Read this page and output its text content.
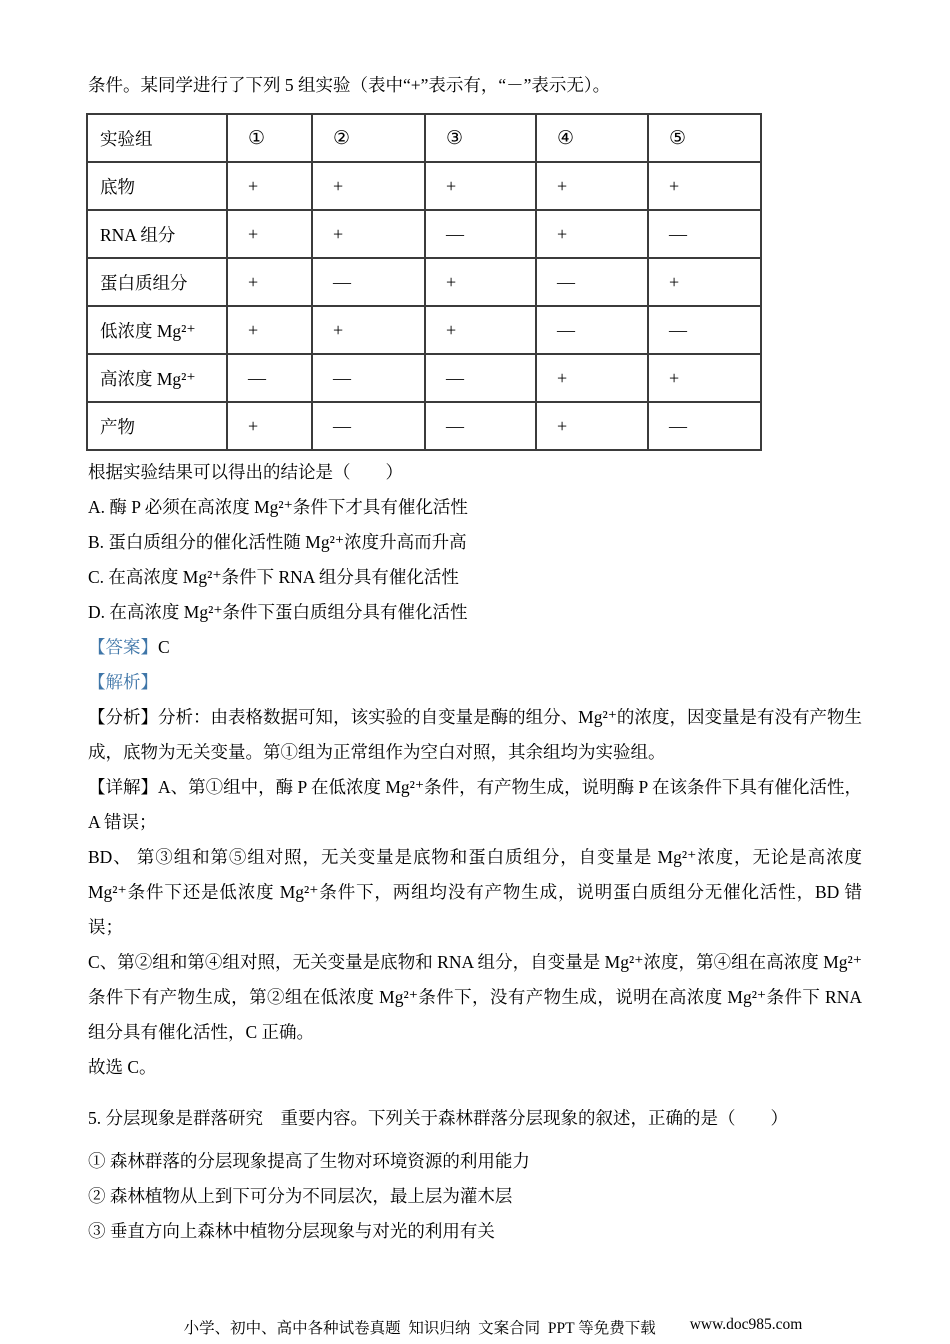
条件。某同学进行了下列 5 组实验（表中“+”表示有，“－”表示无）。

实验组	①	②	③	④	⑤
底物	+	+	+	+	+
RNA 组分	+	+	—	+	—
蛋白质组分	+	—	+	—	+
低浓度 Mg²⁺	+	+	+	—	—
高浓度 Mg²⁺	—	—	—	+	+
产物	+	—	—	+	—

根据实验结果可以得出的结论是（　　）

A. 酶 P 必须在高浓度 Mg²⁺条件下才具有催化活性

B. 蛋白质组分的催化活性随 Mg²⁺浓度升高而升高

C. 在高浓度 Mg²⁺条件下 RNA 组分具有催化活性

D. 在高浓度 Mg²⁺条件下蛋白质组分具有催化活性

【答案】C

【解析】

【分析】分析：由表格数据可知，该实验的自变量是酶的组分、Mg²⁺的浓度，因变量是有没有产物生成，底物为无关变量。第①组为正常组作为空白对照，其余组均为实验组。

【详解】A、第①组中，酶 P 在低浓度 Mg²⁺条件，有产物生成，说明酶 P 在该条件下具有催化活性，A 错误；

BD、 第③组和第⑤组对照，无关变量是底物和蛋白质组分，自变量是 Mg²⁺浓度，无论是高浓度 Mg²⁺条件下还是低浓度 Mg²⁺条件下，两组均没有产物生成，说明蛋白质组分无催化活性，BD 错误；

C、第②组和第④组对照，无关变量是底物和 RNA 组分，自变量是 Mg²⁺浓度，第④组在高浓度 Mg²⁺条件下有产物生成，第②组在低浓度 Mg²⁺条件下，没有产物生成，说明在高浓度 Mg²⁺条件下 RNA 组分具有催化活性，C 正确。

故选 C。

5. 分层现象是群落研究　重要内容。下列关于森林群落分层现象的叙述，正确的是（　　）

① 森林群落的分层现象提高了生物对环境资源的利用能力

② 森林植物从上到下可分为不同层次，最上层为灌木层

③ 垂直方向上森林中植物分层现象与对光的利用有关

小学、初中、高中各种试卷真题  知识归纳  文案合同  PPT 等免费下载 www.doc985.com
